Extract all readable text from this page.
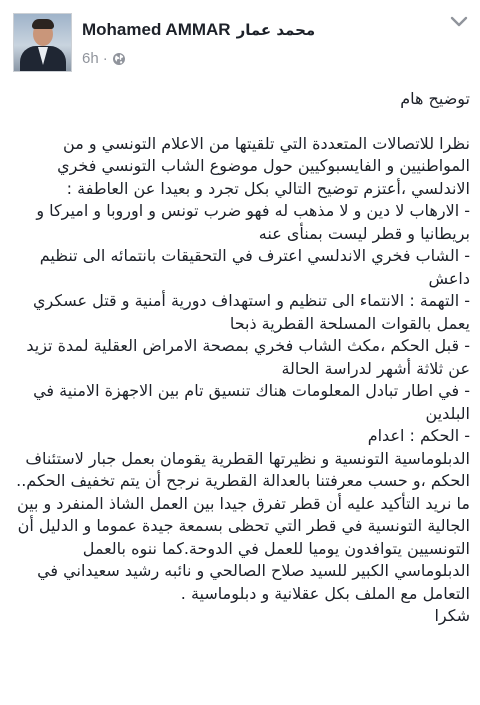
Mohamed AMMAR محمد عمار
6h ·

توضيح هام

نظرا للاتصالات المتعددة التي تلقيتها من الاعلام التونسي و من المواطنيين و الفايسبوكيين حول موضوع الشاب التونسي فخري الاندلسي ،أعتزم توضيح التالي بكل تجرد و بعيدا عن العاطفة :

- الارهاب لا دين و لا مذهب له فهو ضرب تونس و اوروبا و اميركا و بريطانيا و قطر ليست بمنأى عنه

- الشاب فخري الاندلسي اعترف في التحقيقات بانتمائه الى تنظيم داعش

- التهمة : الانتماء الى تنظيم و استهداف دورية أمنية و قتل عسكري يعمل بالقوات المسلحة القطرية ذبحا

- قبل الحكم ،مكث الشاب فخري بمصحة الامراض العقلية لمدة تزيد عن ثلاثة أشهر لدراسة الحالة

- في اطار تبادل المعلومات هناك تنسيق تام بين الاجهزة الامنية في البلدين

- الحكم : اعدام

الدبلوماسية التونسية و نظيرتها القطرية يقومان بعمل جبار لاستئناف الحكم ،و حسب معرفتنا بالعدالة القطرية نرجح أن يتم تخفيف الحكم.. ما نريد التأكيد عليه أن قطر تفرق جيدا بين العمل الشاذ المنفرد و بين الجالية التونسية في قطر التي تحظى بسمعة جيدة عموما و الدليل أن التونسيين يتوافدون يوميا للعمل في الدوحة.كما ننوه بالعمل الدبلوماسي الكبير للسيد صلاح الصالحي و نائبه رشيد سعيداني في التعامل مع الملف بكل عقلانية و دبلوماسية .

شكرا
